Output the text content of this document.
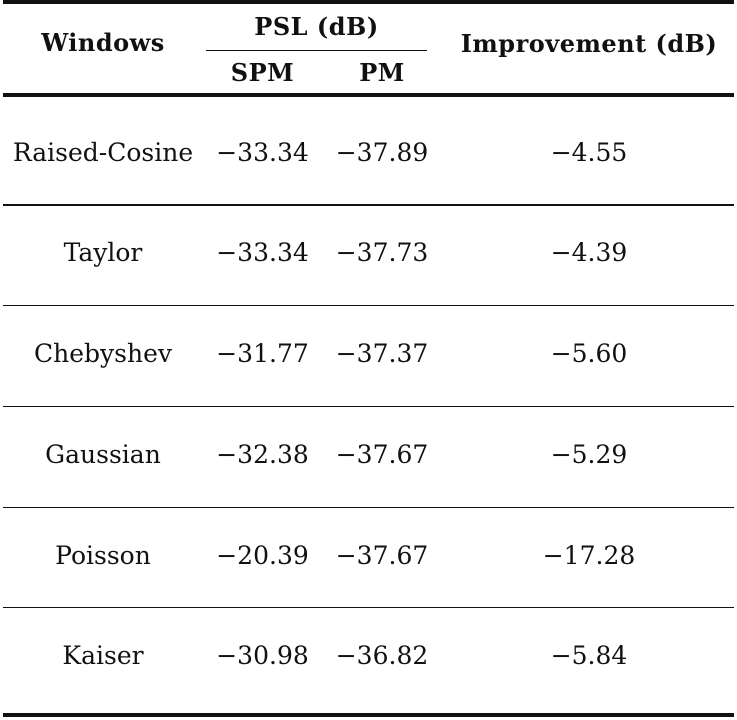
Windows
PSL (dB)
SPM	PM
Improvement (dB)
Raised-Cosine −33.34	−37.89	−4.55
Taylor	−33.34	−37.73	−4.39
Chebyshev	−31.77	−37.37	−5.60
Gaussian	−32.38	−37.67	−5.29
Poisson	−20.39	−37.67	−17.28
Kaiser	−30.98	−36.82	−5.84
